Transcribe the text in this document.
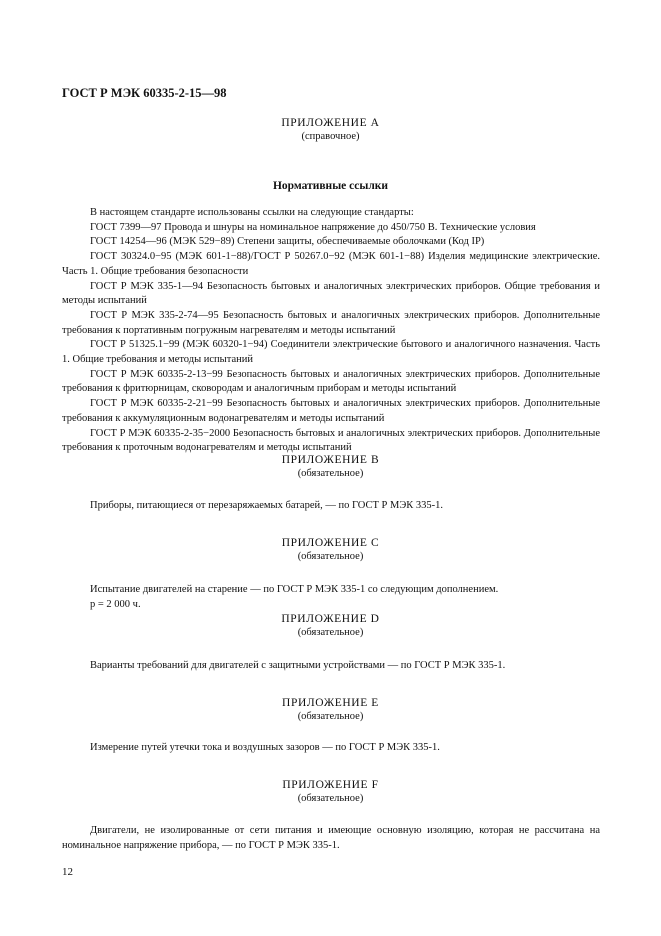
ГОСТ Р МЭК 60335-2-15—98
ПРИЛОЖЕНИЕ А
(справочное)
Нормативные ссылки

В настоящем стандарте использованы ссылки на следующие стандарты:

ГОСТ 7399—97 Провода и шнуры на номинальное напряжение до 450/750 В. Технические условия

ГОСТ 14254—96 (МЭК 529−89) Степени защиты, обеспечиваемые оболочками (Код IP)

ГОСТ 30324.0−95 (МЭК 601-1−88)/ГОСТ Р 50267.0−92 (МЭК 601-1−88) Изделия медицинские электрические. Часть 1. Общие требования безопасности

ГОСТ Р МЭК 335-1—94 Безопасность бытовых и аналогичных электрических приборов. Общие требования и методы испытаний

ГОСТ Р МЭК 335-2-74—95 Безопасность бытовых и аналогичных электрических приборов. Дополнительные требования к портативным погружным нагревателям и методы испытаний

ГОСТ Р 51325.1−99 (МЭК 60320-1−94) Соединители электрические бытового и аналогичного назначения. Часть 1. Общие требования и методы испытаний

ГОСТ Р МЭК 60335-2-13−99 Безопасность бытовых и аналогичных электрических приборов. Дополнительные требования к фритюрницам, сковородам и аналогичным приборам и методы испытаний

ГОСТ Р МЭК 60335-2-21−99 Безопасность бытовых и аналогичных электрических приборов. Дополнительные требования к аккумуляционным водонагревателям и методы испытаний

ГОСТ Р МЭК 60335-2-35−2000 Безопасность бытовых и аналогичных электрических приборов. Дополнительные требования к проточным водонагревателям и методы испытаний

ПРИЛОЖЕНИЕ В
(обязательное)

Приборы, питающиеся от перезаряжаемых батарей, — по ГОСТ Р МЭК 335-1.

ПРИЛОЖЕНИЕ С
(обязательное)

Испытание двигателей на старение — по ГОСТ Р МЭК 335-1 со следующим дополнением.

p = 2 000 ч.

ПРИЛОЖЕНИЕ D
(обязательное)

Варианты требований для двигателей с защитными устройствами — по ГОСТ Р МЭК 335-1.

ПРИЛОЖЕНИЕ Е
(обязательное)

Измерение путей утечки тока и воздушных зазоров — по ГОСТ Р МЭК 335-1.

ПРИЛОЖЕНИЕ F
(обязательное)

Двигатели, не изолированные от сети питания и имеющие основную изоляцию, которая не рассчитана на номинальное напряжение прибора, — по ГОСТ Р МЭК 335-1.

12
